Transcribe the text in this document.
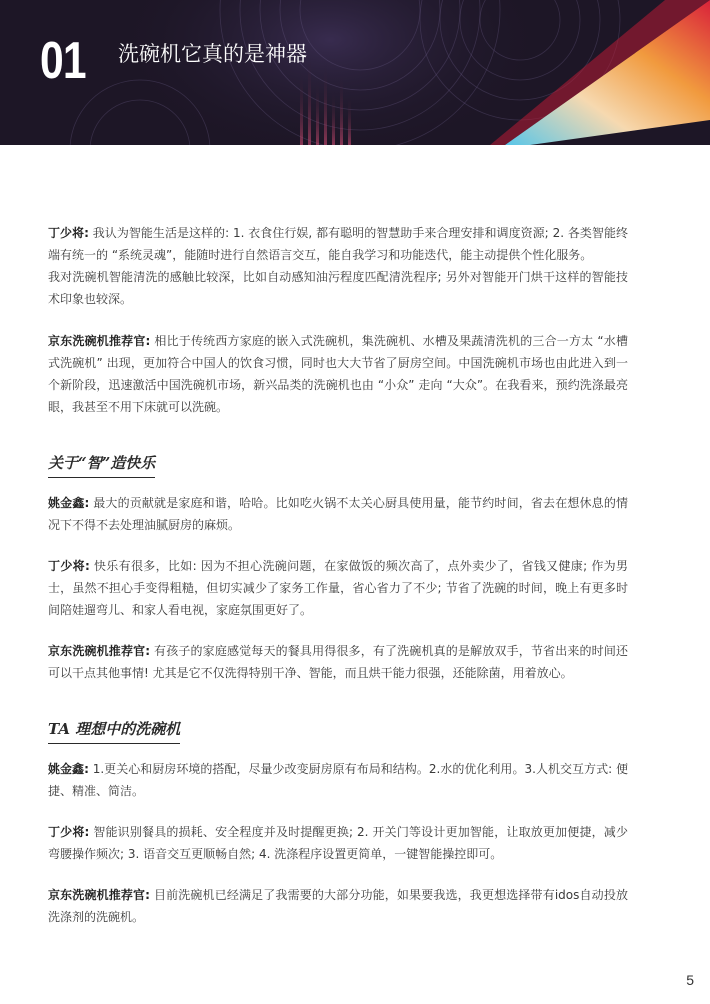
01 洗碗机它真的是神器

丁少将: 我认为智能生活是这样的: 1. 衣食住行娱, 都有聪明的智慧助手来合理安排和调度资源; 2. 各类智能终端有统一的 “系统灵魂”，能随时进行自然语言交互，能自我学习和功能迭代，能主动提供个性化服务。
我对洗碗机智能清洗的感触比较深，比如自动感知油污程度匹配清洗程序; 另外对智能开门烘干这样的智能技术印象也较深。

京东洗碗机推荐官: 相比于传统西方家庭的嵌入式洗碗机，集洗碗机、水槽及果蔬清洗机的三合一方太 “水槽式洗碗机” 出现，更加符合中国人的饮食习惯，同时也大大节省了厨房空间。中国洗碗机市场也由此进入到一个新阶段，迅速激活中国洗碗机市场，新兴品类的洗碗机也由 “小众” 走向 “大众”。在我看来，预约洗涤最亮眼，我甚至不用下床就可以洗碗。

关于“智”造快乐

姚金鑫: 最大的贡献就是家庭和谐，哈哈。比如吃火锅不太关心厨具使用量，能节约时间，省去在想休息的情况下不得不去处理油腻厨房的麻烦。

丁少将: 快乐有很多，比如: 因为不担心洗碗问题，在家做饭的频次高了，点外卖少了，省钱又健康; 作为男士，虽然不担心手变得粗糙，但切实减少了家务工作量，省心省力了不少; 节省了洗碗的时间，晚上有更多时间陪娃遛弯儿、和家人看电视，家庭氛围更好了。

京东洗碗机推荐官: 有孩子的家庭感觉每天的餐具用得很多，有了洗碗机真的是解放双手，节省出来的时间还可以干点其他事情! 尤其是它不仅洗得特别干净、智能，而且烘干能力很强，还能除菌，用着放心。

TA 理想中的洗碗机

姚金鑫: 1.更关心和厨房环境的搭配，尽量少改变厨房原有布局和结构。2.水的优化利用。3.人机交互方式: 便捷、精准、简洁。

丁少将: 智能识别餐具的损耗、安全程度并及时提醒更换; 2. 开关门等设计更加智能，让取放更加便捷，减少弯腰操作频次; 3. 语音交互更顺畅自然; 4. 洗涤程序设置更简单，一键智能操控即可。

京东洗碗机推荐官: 目前洗碗机已经满足了我需要的大部分功能，如果要我选，我更想选择带有idos自动投放洗涤剂的洗碗机。

5
